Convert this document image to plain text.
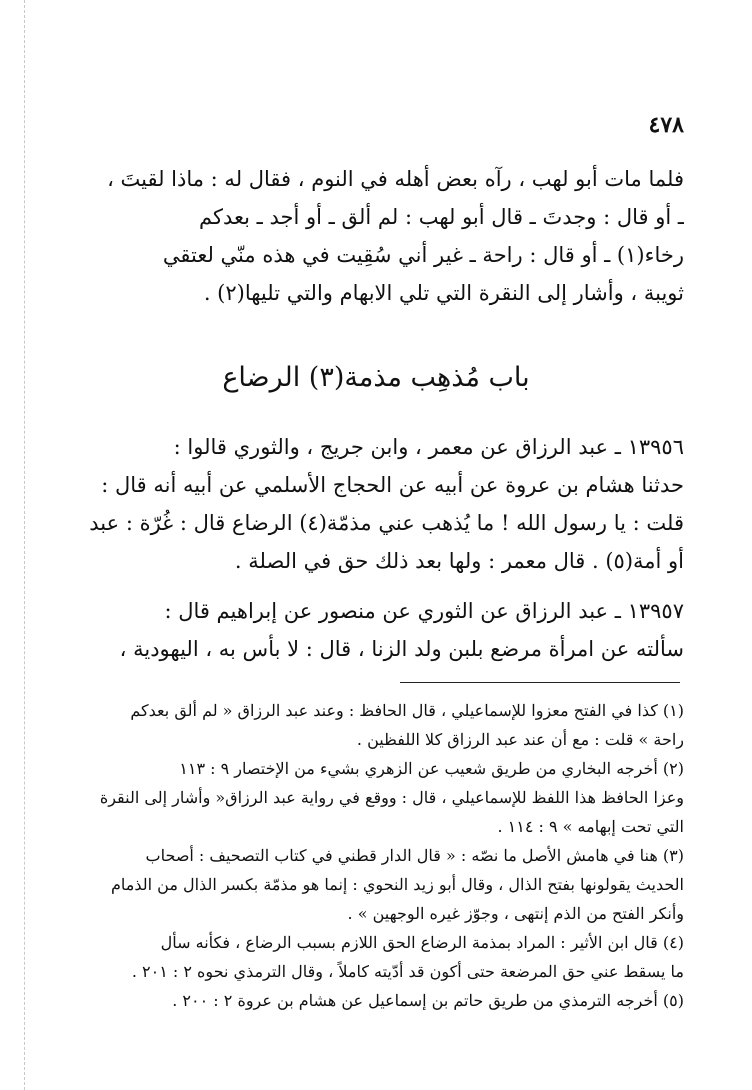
٤٧٨
فلما مات أبو لهب ، رآه بعض أهله في النوم ، فقال له : ماذا لقيتَ ،
ـ أو قال : وجدتَ ـ قال أبو لهب : لم ألق ـ أو أجد ـ بعدكم
رخاء(١) ـ أو قال : راحة ـ غير أني سُقِيت في هذه منّي لعتقي
ثويبة ، وأشار إلى النقرة التي تلي الابهام والتي تليها(٢) .
باب مُذهِب مذمة(٣) الرضاع
١٣٩٥٦ ـ عبد الرزاق عن معمر ، وابن جريج ، والثوري قالوا :
حدثنا هشام بن عروة عن أبيه عن الحجاج الأسلمي عن أبيه أنه قال :
قلت : يا رسول الله ! ما يُذهب عني مذمّة(٤) الرضاع قال : غُرّة : عبد
أو أمة(٥) . قال معمر : ولها بعد ذلك حق في الصلة .
١٣٩٥٧ ـ عبد الرزاق عن الثوري عن منصور عن إبراهيم قال :
سألته عن امرأة مرضع بلبن ولد الزنا ، قال : لا بأس به ، اليهودية ،
(١) كذا في الفتح معزوا للإسماعيلي ، قال الحافظ : وعند عبد الرزاق « لم ألق بعدكم
راحة » قلت : مع أن عند عبد الرزاق كلا اللفظين .
(٢) أخرجه البخاري من طريق شعيب عن الزهري بشيء من الإختصار ٩ : ١١٣
وعزا الحافظ هذا اللفظ للإسماعيلي ، قال : ووقع في رواية عبد الرزاق« وأشار إلى النقرة
التي تحت إبهامه » ٩ : ١١٤ .
(٣) هنا في هامش الأصل ما نصّه : « قال الدار قطني في كتاب التصحيف : أصحاب
الحديث يقولونها بفتح الذال ، وقال أبو زيد النحوي : إنما هو مذمّة بكسر الذال من الذمام
وأنكر الفتح من الذم إنتهى ، وجوّز غيره الوجهين » .
(٤) قال ابن الأثير : المراد بمذمة الرضاع الحق اللازم بسبب الرضاع ، فكأنه سأل
ما يسقط عني حق المرضعة حتى أكون قد أدّيته كاملاً ، وقال الترمذي نحوه ٢ : ٢٠١ .
(٥) أخرجه الترمذي من طريق حاتم بن إسماعيل عن هشام بن عروة ٢ : ٢٠٠ .
